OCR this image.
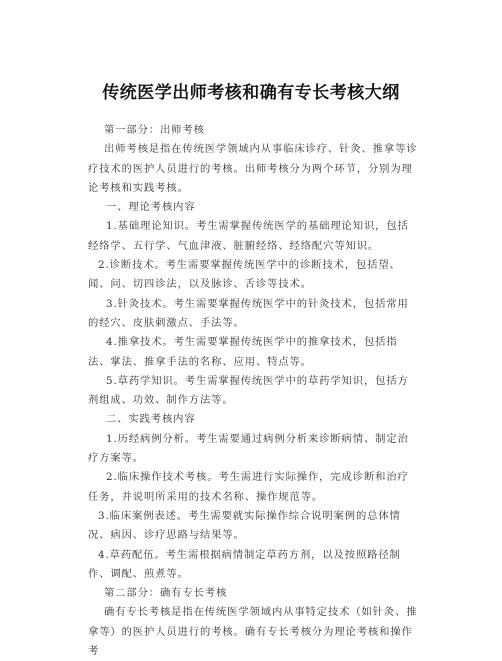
传统医学出师考核和确有专长考核大纲

第一部分：出师考核

出师考核是指在传统医学领域内从事临床诊疗、针灸、推拿等诊疗技术的医护人员进行的考核。出师考核分为两个环节，分别为理论考核和实践考核。

一、理论考核内容

1.基础理论知识。考生需掌握传统医学的基础理论知识，包括经络学、五行学、气血津液、脏腑经络、经络配穴等知识。

2.诊断技术。考生需要掌握传统医学中的诊断技术，包括望、闻、问、切四诊法，以及脉诊、舌诊等技术。

3.针灸技术。考生需要掌握传统医学中的针灸技术，包括常用的经穴、皮肤刺激点、手法等。

4.推拿技术。考生需要掌握传统医学中的推拿技术，包括指法、掌法、推拿手法的名称、应用、特点等。

5.草药学知识。考生需掌握传统医学中的草药学知识，包括方剂组成、功效、制作方法等。

二、实践考核内容

1.历经病例分析。考生需要通过病例分析来诊断病情、制定治疗方案等。

2.临床操作技术考核。考生需进行实际操作，完成诊断和治疗任务，并说明所采用的技术名称、操作规范等。

3.临床案例表述。考生需要就实际操作综合说明案例的总体情况、病因、诊疗思路与结果等。

4.草药配伍。考生需根据病情制定草药方剂，以及按照路径制作、调配、煎煮等。

第二部分：确有专长考核

确有专长考核是指在传统医学领域内从事特定技术（如针灸、推拿等）的医护人员进行的考核。确有专长考核分为理论考核和操作考
